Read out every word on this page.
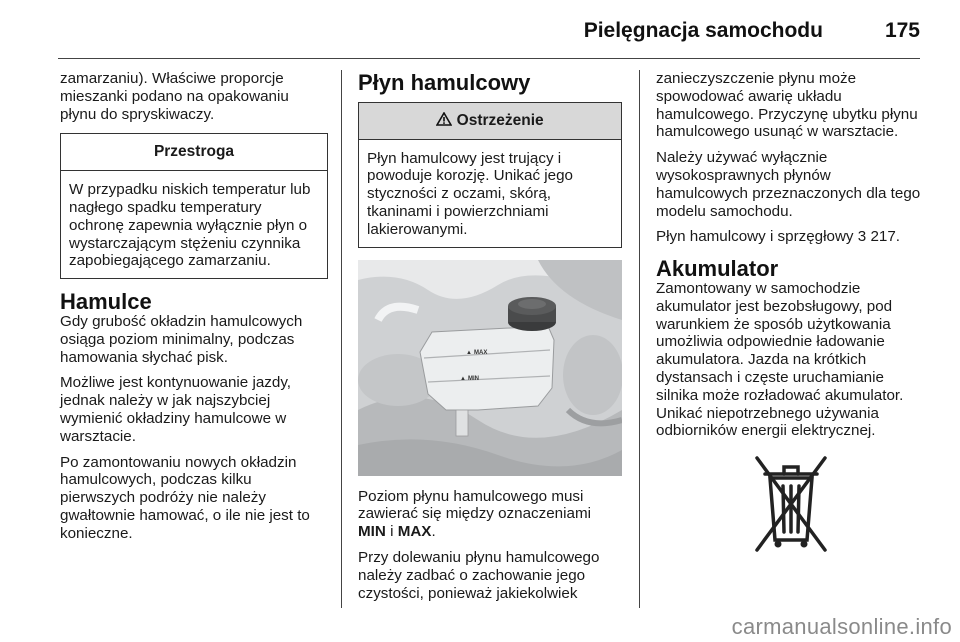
Pielęgnacja samochodu	175

zamarzaniu). Właściwe proporcje mieszanki podano na opakowaniu płynu do spryskiwaczy.

Przestroga

W przypadku niskich temperatur lub nagłego spadku temperatury ochronę zapewnia wyłącznie płyn o wystarczającym stężeniu czynnika zapobiegającego zamarzaniu.

Hamulce

Gdy grubość okładzin hamulcowych osiąga poziom minimalny, podczas hamowania słychać pisk.

Możliwe jest kontynuowanie jazdy, jednak należy w jak najszybciej wymienić okładziny hamulcowe w warsztacie.

Po zamontowaniu nowych okładzin hamulcowych, podczas kilku pierwszych podróży nie należy gwałtownie hamować, o ile nie jest to konieczne.

Płyn hamulcowy
Ostrzeżenie

Płyn hamulcowy jest trujący i powoduje korozję. Unikać jego styczności z oczami, skórą, tkaninami i powierzchniami lakierowanymi.

▲ MAX
▲ MIN

Poziom płynu hamulcowego musi zawierać się między oznaczeniami MIN i MAX.

Przy dolewaniu płynu hamulcowego należy zadbać o zachowanie jego czystości, ponieważ jakiekolwiek

zanieczyszczenie płynu może spowodować awarię układu hamulcowego. Przyczynę ubytku płynu hamulcowego usunąć w warsztacie.

Należy używać wyłącznie wysokosprawnych płynów hamulcowych przeznaczonych dla tego modelu samochodu.

Płyn hamulcowy i sprzęgłowy 3 217.

Akumulator

Zamontowany w samochodzie akumulator jest bezobsługowy, pod warunkiem że sposób użytkowania umożliwia odpowiednie ładowanie akumulatora. Jazda na krótkich dystansach i częste uruchamianie silnika może rozładować akumulator. Unikać niepotrzebnego używania odbiorników energii elektrycznej.

carmanualsonline.info
